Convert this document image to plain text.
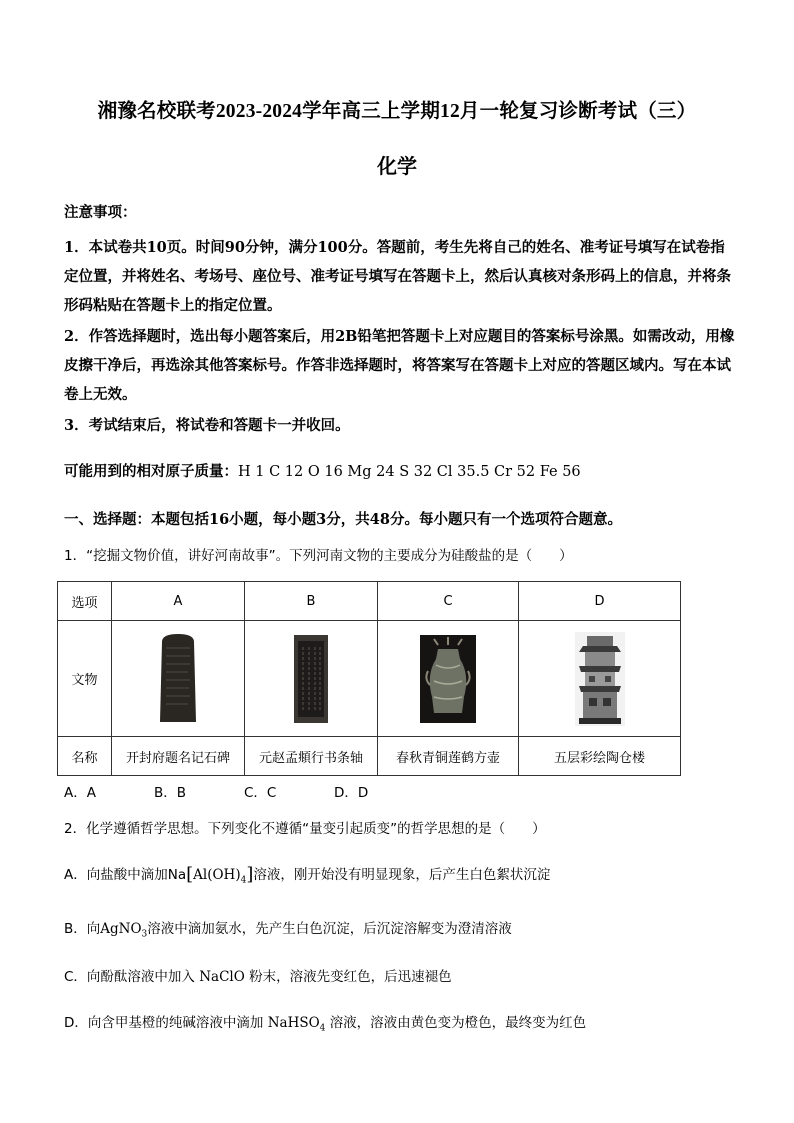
湘豫名校联考2023-2024学年高三上学期12月一轮复习诊断考试（三）
化学
注意事项：
1．本试卷共10页。时间90分钟，满分100分。答题前，考生先将自己的姓名、准考证号填写在试卷指定位置，并将姓名、考场号、座位号、准考证号填写在答题卡上，然后认真核对条形码上的信息，并将条形码粘贴在答题卡上的指定位置。
2．作答选择题时，选出每小题答案后，用2B铅笔把答题卡上对应题目的答案标号涂黑。如需改动，用橡皮擦干净后，再选涂其他答案标号。作答非选择题时，将答案写在答题卡上对应的答题区域内。写在本试卷上无效。
3．考试结束后，将试卷和答题卡一并收回。
可能用到的相对原子质量：H 1 C 12 O 16 Mg 24 S 32 Cl 35.5 Cr 52 Fe 56
一、选择题：本题包括16小题，每小题3分，共48分。每小题只有一个选项符合题意。
1．“挖掘文物价值，讲好河南故事”。下列河南文物的主要成分为硅酸盐的是（　　）
选项	A	B	C	D
文物	

名称	开封府题名记石碑	元赵孟頫行书条轴	春秋青铜莲鹤方壶	五层彩绘陶仓楼
A．A	B．B	C．C	D．D
2．化学遵循哲学思想。下列变化不遵循“量变引起质变”的哲学思想的是（　　）
A．向盐酸中滴加$Na[Al(OH)_4]$溶液，刚开始没有明显现象，后产生白色絮状沉淀
B．向AgNO$_3$溶液中滴加氨水，先产生白色沉淀，后沉淀溶解变为澄清溶液
C．向酚酞溶液中加入 NaClO 粉末，溶液先变红色，后迅速褪色
D．向含甲基橙的纯碱溶液中滴加 NaHSO$_4$ 溶液，溶液由黄色变为橙色，最终变为红色
